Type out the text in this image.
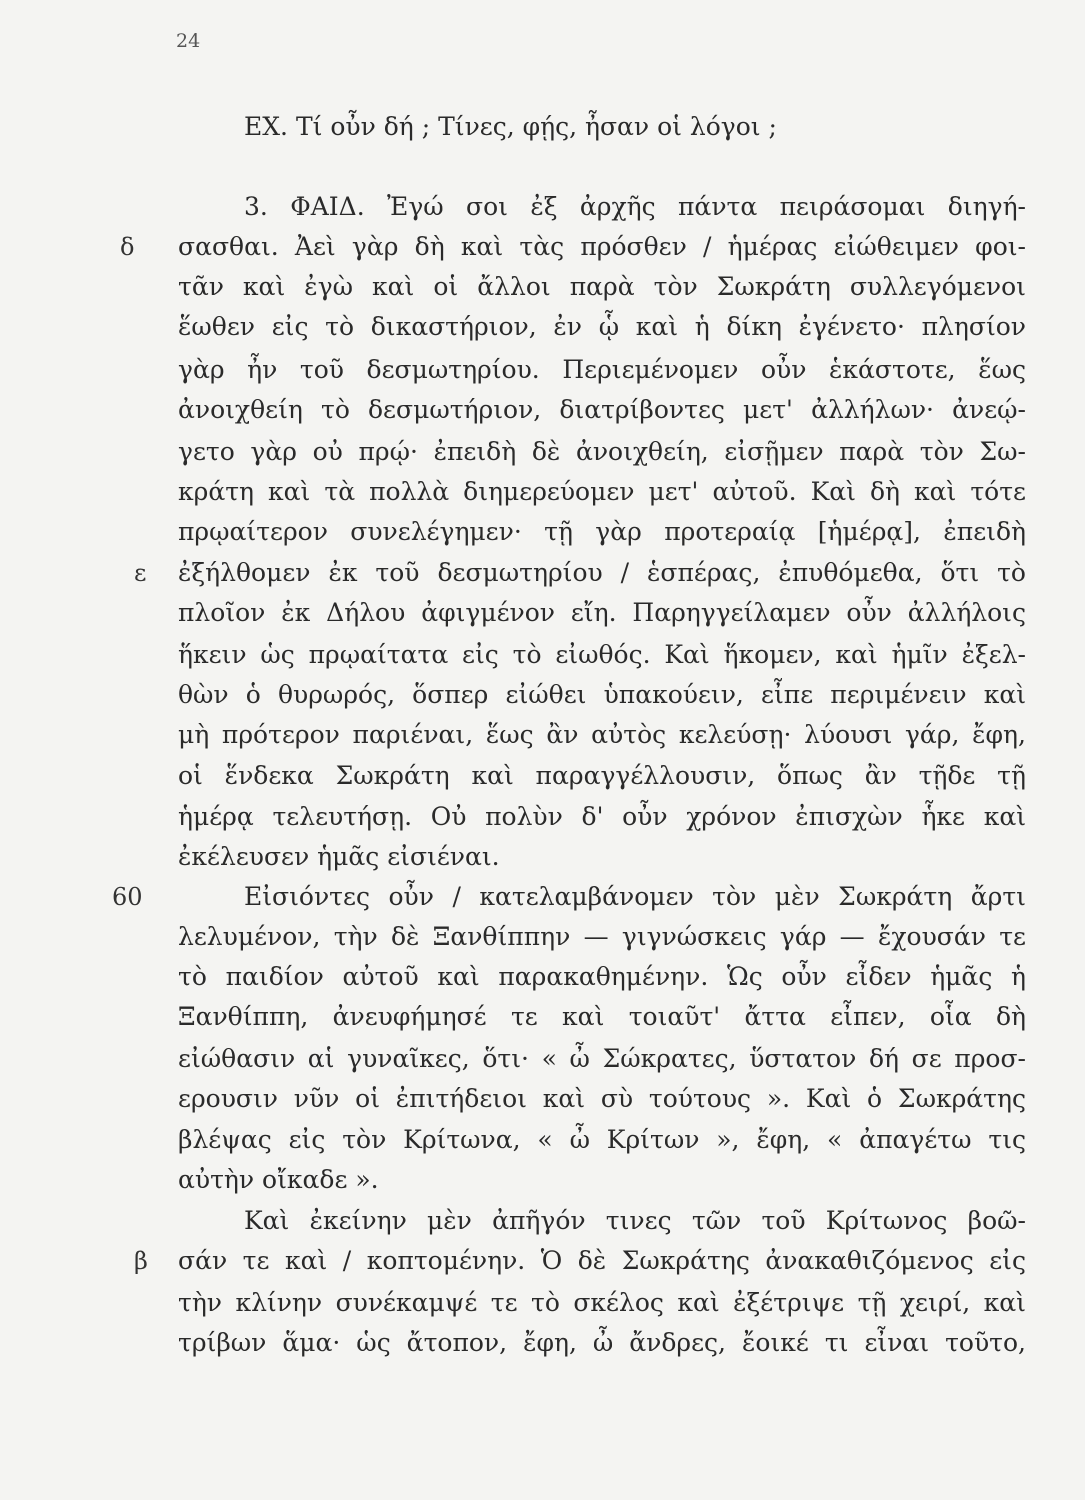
24
δ
ε
60
β
ΕΧ. Τί οὖν δή ; Τίνες, φῄς, ἦσαν οἱ λόγοι ;
3. ΦΑΙΔ. Ἐγώ σοι ἐξ ἀρχῆς πάντα πειράσομαι διηγή-
σασθαι. Ἀεὶ γὰρ δὴ καὶ τὰς πρόσθεν / ἡμέρας εἰώθειμεν φοι-
τᾶν καὶ ἐγὼ καὶ οἱ ἄλλοι παρὰ τὸν Σωκράτη συλλεγόμενοι
ἕωθεν εἰς τὸ δικαστήριον, ἐν ᾧ καὶ ἡ δίκη ἐγένετο· πλησίον
γὰρ ἦν τοῦ δεσμωτηρίου. Περιεμένομεν οὖν ἑκάστοτε, ἕως
ἀνοιχθείη τὸ δεσμωτήριον, διατρίβοντες μετ' ἀλλήλων· ἀνεῴ-
γετο γὰρ οὐ πρῴ· ἐπειδὴ δὲ ἀνοιχθείη, εἰσῇμεν παρὰ τὸν Σω-
κράτη καὶ τὰ πολλὰ διημερεύομεν μετ' αὐτοῦ. Καὶ δὴ καὶ τότε
πρῳαίτερον συνελέγημεν· τῇ γὰρ προτεραίᾳ [ἡμέρᾳ], ἐπειδὴ
ἐξήλθομεν ἐκ τοῦ δεσμωτηρίου / ἑσπέρας, ἐπυθόμεθα, ὅτι τὸ
πλοῖον ἐκ Δήλου ἀφιγμένον εἴη. Παρηγγείλαμεν οὖν ἀλλήλοις
ἥκειν ὡς πρῳαίτατα εἰς τὸ εἰωθός. Καὶ ἥκομεν, καὶ ἡμῖν ἐξελ-
θὼν ὁ θυρωρός, ὅσπερ εἰώθει ὑπακούειν, εἶπε περιμένειν καὶ
μὴ πρότερον παριέναι, ἕως ἂν αὐτὸς κελεύσῃ· λύουσι γάρ, ἔφη,
οἱ ἕνδεκα Σωκράτη καὶ παραγγέλλουσιν, ὅπως ἂν τῇδε τῇ
ἡμέρᾳ τελευτήσῃ. Οὐ πολὺν δ' οὖν χρόνον ἐπισχὼν ἧκε καὶ
ἐκέλευσεν ἡμᾶς εἰσιέναι.
Εἰσιόντες οὖν / κατελαμβάνομεν τὸν μὲν Σωκράτη ἄρτι
λελυμένον, τὴν δὲ Ξανθίππην — γιγνώσκεις γάρ — ἔχουσάν τε
τὸ παιδίον αὐτοῦ καὶ παρακαθημένην. Ὡς οὖν εἶδεν ἡμᾶς ἡ
Ξανθίππη, ἀνευφήμησέ τε καὶ τοιαῦτ' ἄττα εἶπεν, οἷα δὴ
εἰώθασιν αἱ γυναῖκες, ὅτι· « ὦ Σώκρατες, ὕστατον δή σε προσ-
ερουσιν νῦν οἱ ἐπιτήδειοι καὶ σὺ τούτους ». Καὶ ὁ Σωκράτης
βλέψας εἰς τὸν Κρίτωνα, « ὦ Κρίτων », ἔφη, « ἀπαγέτω τις
αὐτὴν οἴκαδε ».
Καὶ ἐκείνην μὲν ἀπῆγόν τινες τῶν τοῦ Κρίτωνος βοῶ-
σάν τε καὶ / κοπτομένην. Ὁ δὲ Σωκράτης ἀνακαθιζόμενος εἰς
τὴν κλίνην συνέκαμψέ τε τὸ σκέλος καὶ ἐξέτριψε τῇ χειρί, καὶ
τρίβων ἅμα· ὡς ἄτοπον, ἔφη, ὦ ἄνδρες, ἔοικέ τι εἶναι τοῦτο,
